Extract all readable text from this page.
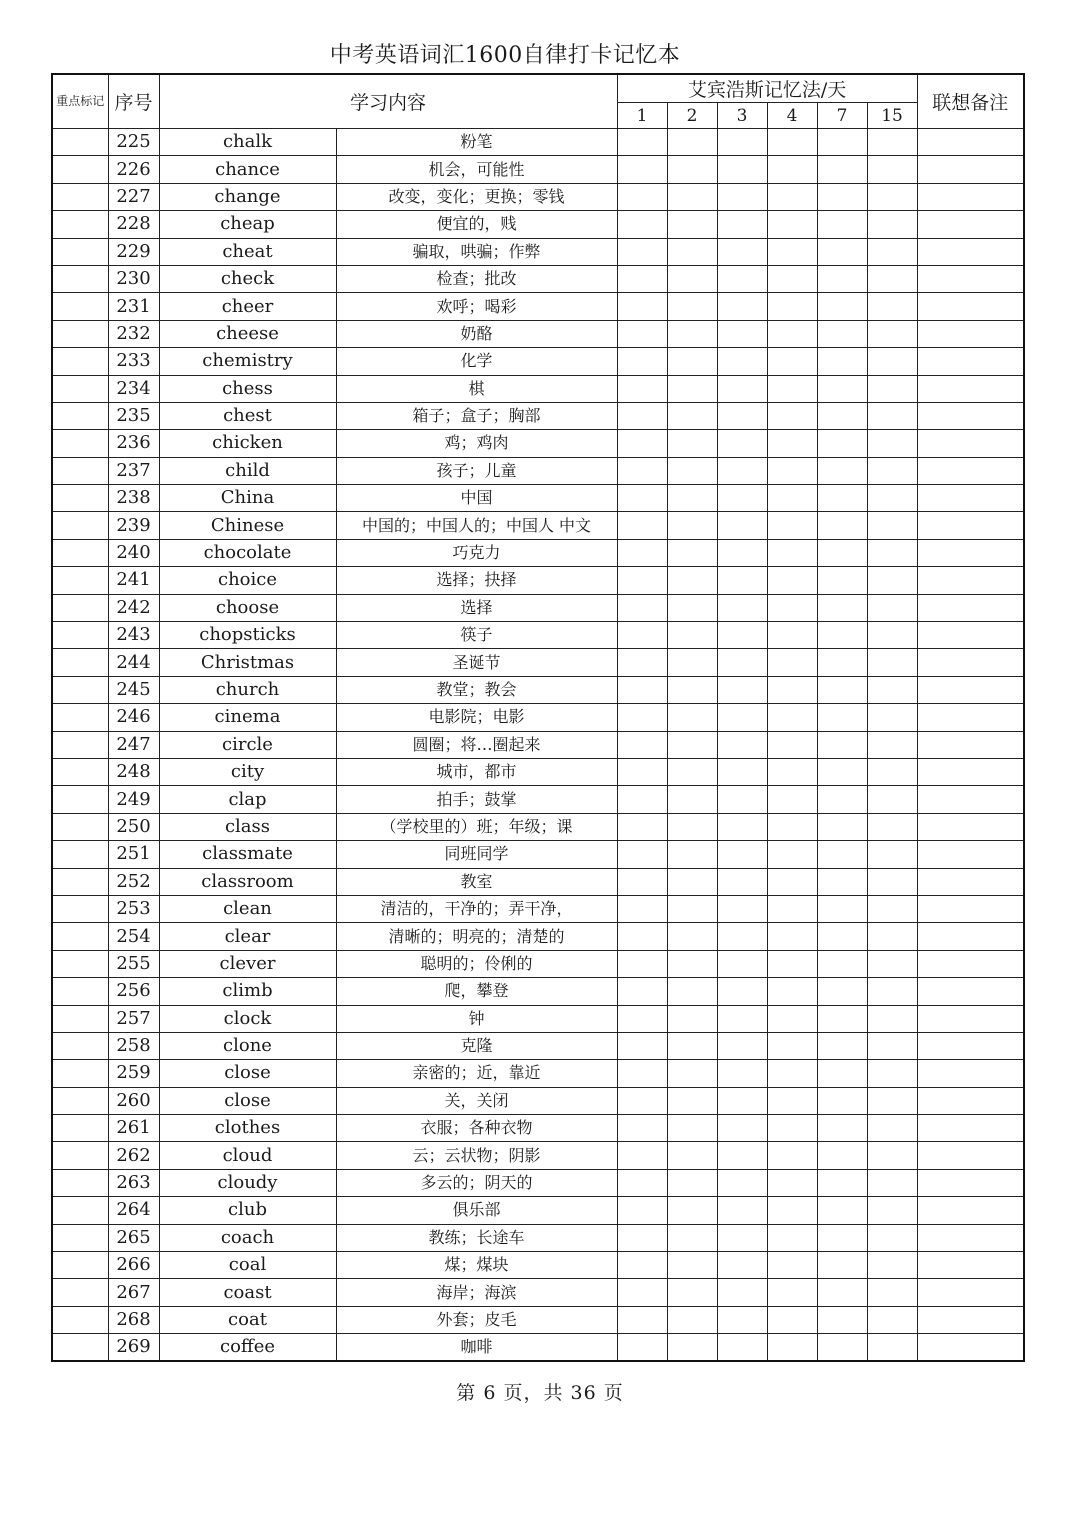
中考英语词汇1600自律打卡记忆本
重点标记	序号	学习内容		艾宾浩斯记忆法/天						联想备注
				1	2	3	4	7	15	
	225	chalk	粉笔							
	226	chance	机会，可能性							
	227	change	改变，变化；更换；零钱							
	228	cheap	便宜的，贱							
	229	cheat	骗取，哄骗；作弊							
	230	check	检查；批改							
	231	cheer	欢呼；喝彩							
	232	cheese	奶酪							
	233	chemistry	化学							
	234	chess	棋							
	235	chest	箱子；盒子；胸部							
	236	chicken	鸡；鸡肉							
	237	child	孩子；儿童							
	238	China	中国							
	239	Chinese	中国的；中国人的；中国人 中文							
	240	chocolate	巧克力							
	241	choice	选择；抉择							
	242	choose	选择							
	243	chopsticks	筷子							
	244	Christmas	圣诞节							
	245	church	教堂；教会							
	246	cinema	电影院；电影							
	247	circle	圆圈；将…圈起来							
	248	city	城市，都市							
	249	clap	拍手；鼓掌							
	250	class	（学校里的）班；年级；课							
	251	classmate	同班同学							
	252	classroom	教室							
	253	clean	清洁的，干净的；弄干净，							
	254	clear	清晰的；明亮的；清楚的							
	255	clever	聪明的；伶俐的							
	256	climb	爬，攀登							
	257	clock	钟							
	258	clone	克隆							
	259	close	亲密的；近，靠近							
	260	close	关，关闭							
	261	clothes	衣服；各种衣物							
	262	cloud	云；云状物；阴影							
	263	cloudy	多云的；阴天的							
	264	club	俱乐部							
	265	coach	教练；长途车							
	266	coal	煤；煤块							
	267	coast	海岸；海滨							
	268	coat	外套；皮毛							
	269	coffee	咖啡							
第 6 页，共 36 页
